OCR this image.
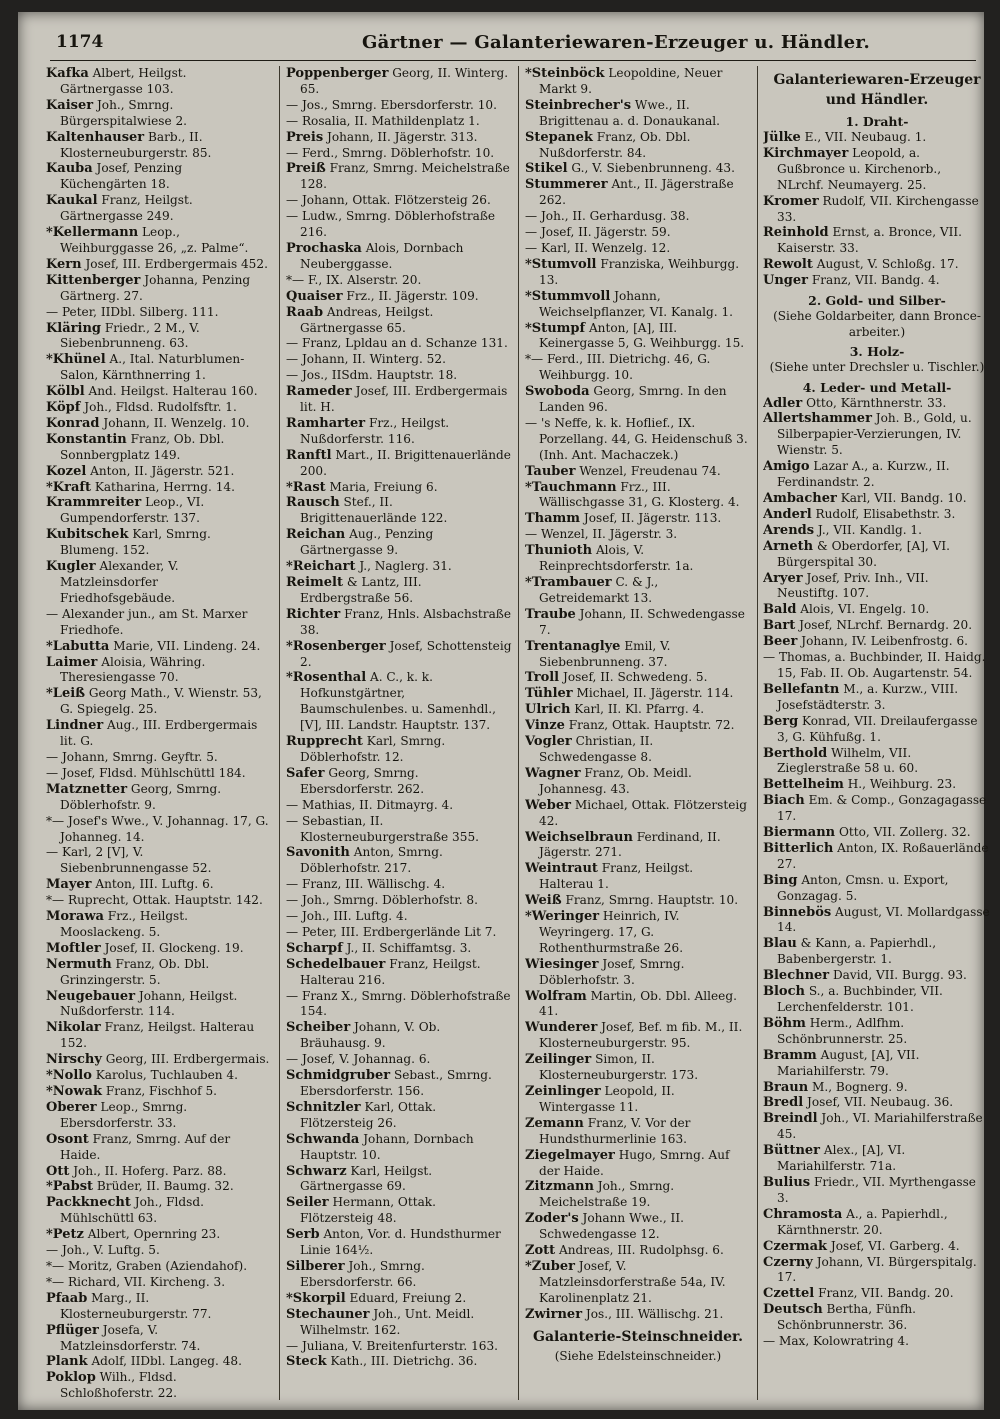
1174	Gärtner — Galanteriewaren-Erzeuger u. Händler.
Kafka Albert, Heilgst. Gärtnergasse 103.
Kaiser Joh., Smrng. Bürgerspitalwiese 2.
Kaltenhauser Barb., II. Klosterneuburgerstr. 85.
Kauba Josef, Penzing Küchengärten 18.
Kaukal Franz, Heilgst. Gärtnergasse 249.
*Kellermann Leop., Weihburggasse 26, „z. Palme“.
Kern Josef, III. Erdbergermais 452.
Kittenberger Johanna, Penzing Gärtnerg. 27.
— Peter, IIDbl. Silberg. 111.
Kläring Friedr., 2 M., V. Siebenbrunneng. 63.
*Khünel A., Ital. Naturblumen-Salon, Kärnthnerring 1.
Kölbl And. Heilgst. Halterau 160.
Köpf Joh., Fldsd. Rudolfsftr. 1.
Konrad Johann, II. Wenzelg. 10.
Konstantin Franz, Ob. Dbl. Sonnbergplatz 149.
Kozel Anton, II. Jägerstr. 521.
*Kraft Katharina, Herrng. 14.
Krammreiter Leop., VI. Gumpendorferstr. 137.
Kubitschek Karl, Smrng. Blumeng. 152.
Kugler Alexander, V. Matzleinsdorfer Friedhofsgebäude.
— Alexander jun., am St. Marxer Friedhofe.
*Labutta Marie, VII. Lindeng. 24.
Laimer Aloisia, Währing. Theresiengasse 70.
*Leiß Georg Math., V. Wienstr. 53, G. Spiegelg. 25.
Lindner Aug., III. Erdbergermais lit. G.
— Johann, Smrng. Geyftr. 5.
— Josef, Fldsd. Mühlschüttl 184.
Matznetter Georg, Smrng. Döblerhofstr. 9.
*— Josef's Wwe., V. Johannag. 17, G. Johanneg. 14.
— Karl, 2 [V], V. Siebenbrunnengasse 52.
Mayer Anton, III. Luftg. 6.
*— Ruprecht, Ottak. Hauptstr. 142.
Morawa Frz., Heilgst. Mooslackeng. 5.
Moftler Josef, II. Glockeng. 19.
Nermuth Franz, Ob. Dbl. Grinzingerstr. 5.
Neugebauer Johann, Heilgst. Nußdorferstr. 114.
Nikolar Franz, Heilgst. Halterau 152.
Nirschy Georg, III. Erdbergermais.
*Nollo Karolus, Tuchlauben 4.
*Nowak Franz, Fischhof 5.
Oberer Leop., Smrng. Ebersdorferstr. 33.
Osont Franz, Smrng. Auf der Haide.
Ott Joh., II. Hoferg. Parz. 88.
*Pabst Brüder, II. Baumg. 32.
Packknecht Joh., Fldsd. Mühlschüttl 63.
*Petz Albert, Opernring 23.
— Joh., V. Luftg. 5.
*— Moritz, Graben (Aziendahof).
*— Richard, VII. Kircheng. 3.
Pfaab Marg., II. Klosterneuburgerstr. 77.
Pflüger Josefa, V. Matzleinsdorferstr. 74.
Plank Adolf, IIDbl. Langeg. 48.
Poklop Wilh., Fldsd. Schloßhoferstr. 22.
Poppenberger Georg, II. Winterg. 65.
— Jos., Smrng. Ebersdorferstr. 10.
— Rosalia, II. Mathildenplatz 1.
Preis Johann, II. Jägerstr. 313.
— Ferd., Smrng. Döblerhofstr. 10.
Preiß Franz, Smrng. Meichelstraße 128.
— Johann, Ottak. Flötzersteig 26.
— Ludw., Smrng. Döblerhofstraße 216.
Prochaska Alois, Dornbach Neuberggasse.
*— F., IX. Alserstr. 20.
Quaiser Frz., II. Jägerstr. 109.
Raab Andreas, Heilgst. Gärtnergasse 65.
— Franz, Lpldau an d. Schanze 131.
— Johann, II. Winterg. 52.
— Jos., IISdm. Hauptstr. 18.
Rameder Josef, III. Erdbergermais lit. H.
Ramharter Frz., Heilgst. Nußdorferstr. 116.
Ranftl Mart., II. Brigittenauerlände 200.
*Rast Maria, Freiung 6.
Rausch Stef., II. Brigittenauerlände 122.
Reichan Aug., Penzing Gärtnergasse 9.
*Reichart J., Naglerg. 31.
Reimelt & Lantz, III. Erdbergstraße 56.
Richter Franz, Hnls. Alsbachstraße 38.
*Rosenberger Josef, Schottensteig 2.
*Rosenthal A. C., k. k. Hofkunstgärtner, Baumschulenbes. u. Samenhdl., [V], III. Landstr. Hauptstr. 137.
Rupprecht Karl, Smrng. Döblerhofstr. 12.
Safer Georg, Smrng. Ebersdorferstr. 262.
— Mathias, II. Ditmayrg. 4.
— Sebastian, II. Klosterneuburgerstraße 355.
Savonith Anton, Smrng. Döblerhofstr. 217.
— Franz, III. Wällischg. 4.
— Joh., Smrng. Döblerhofstr. 8.
— Joh., III. Luftg. 4.
— Peter, III. Erdbergerlände Lit 7.
Scharpf J., II. Schiffamtsg. 3.
Schedelbauer Franz, Heilgst. Halterau 216.
— Franz X., Smrng. Döblerhofstraße 154.
Scheiber Johann, V. Ob. Bräuhausg. 9.
— Josef, V. Johannag. 6.
Schmidgruber Sebast., Smrng. Ebersdorferstr. 156.
Schnitzler Karl, Ottak. Flötzersteig 26.
Schwanda Johann, Dornbach Hauptstr. 10.
Schwarz Karl, Heilgst. Gärtnergasse 69.
Seiler Hermann, Ottak. Flötzersteig 48.
Serb Anton, Vor. d. Hundsthurmer Linie 164½.
Silberer Joh., Smrng. Ebersdorferstr. 66.
*Skorpil Eduard, Freiung 2.
Stechauner Joh., Unt. Meidl. Wilhelmstr. 162.
— Juliana, V. Breitenfurterstr. 163.
Steck Kath., III. Dietrichg. 36.
*Steinböck Leopoldine, Neuer Markt 9.
Steinbrecher's Wwe., II. Brigittenau a. d. Donaukanal.
Stepanek Franz, Ob. Dbl. Nußdorferstr. 84.
Stikel G., V. Siebenbrunneng. 43.
Stummerer Ant., II. Jägerstraße 262.
— Joh., II. Gerhardusg. 38.
— Josef, II. Jägerstr. 59.
— Karl, II. Wenzelg. 12.
*Stumvoll Franziska, Weihburgg. 13.
*Stummvoll Johann, Weichselpflanzer, VI. Kanalg. 1.
*Stumpf Anton, [A], III. Keinergasse 5, G. Weihburgg. 15.
*— Ferd., III. Dietrichg. 46, G. Weihburgg. 10.
Swoboda Georg, Smrng. In den Landen 96.
— 's Neffe, k. k. Hoflief., IX. Porzellang. 44, G. Heidenschuß 3. (Inh. Ant. Machaczek.)
Tauber Wenzel, Freudenau 74.
*Tauchmann Frz., III. Wällischgasse 31, G. Klosterg. 4.
Thamm Josef, II. Jägerstr. 113.
— Wenzel, II. Jägerstr. 3.
Thunioth Alois, V. Reinprechtsdorferstr. 1a.
*Trambauer C. & J., Getreidemarkt 13.
Traube Johann, II. Schwedengasse 7.
Trentanaglye Emil, V. Siebenbrunneng. 37.
Troll Josef, II. Schwedeng. 5.
Tühler Michael, II. Jägerstr. 114.
Ulrich Karl, II. Kl. Pfarrg. 4.
Vinze Franz, Ottak. Hauptstr. 72.
Vogler Christian, II. Schwedengasse 8.
Wagner Franz, Ob. Meidl. Johannesg. 43.
Weber Michael, Ottak. Flötzersteig 42.
Weichselbraun Ferdinand, II. Jägerstr. 271.
Weintraut Franz, Heilgst. Halterau 1.
Weiß Franz, Smrng. Hauptstr. 10.
*Weringer Heinrich, IV. Weyringerg. 17, G. Rothenthurmstraße 26.
Wiesinger Josef, Smrng. Döblerhofstr. 3.
Wolfram Martin, Ob. Dbl. Alleeg. 41.
Wunderer Josef, Bef. m fib. M., II. Klosterneuburgerstr. 95.
Zeilinger Simon, II. Klosterneuburgerstr. 173.
Zeinlinger Leopold, II. Wintergasse 11.
Zemann Franz, V. Vor der Hundsthurmerlinie 163.
Ziegelmayer Hugo, Smrng. Auf der Haide.
Zitzmann Joh., Smrng. Meichelstraße 19.
Zoder's Johann Wwe., II. Schwedengasse 12.
Zott Andreas, III. Rudolphsg. 6.
*Zuber Josef, V. Matzleinsdorferstraße 54a, IV. Karolinenplatz 21.
Zwirner Jos., III. Wällischg. 21.
Galanterie-Steinschneider.
(Siehe Edelsteinschneider.)
Galanteriewaren-Erzeuger und Händler.
1. Draht-
Jülke E., VII. Neubaug. 1.
Kirchmayer Leopold, a. Gußbronce u. Kirchenorb., NLrchf. Neumayerg. 25.
Kromer Rudolf, VII. Kirchengasse 33.
Reinhold Ernst, a. Bronce, VII. Kaiserstr. 33.
Rewolt August, V. Schloßg. 17.
Unger Franz, VII. Bandg. 4.
2. Gold- und Silber-
(Siehe Goldarbeiter, dann Bronce-arbeiter.)
3. Holz-
(Siehe unter Drechsler u. Tischler.)
4. Leder- und Metall-
Adler Otto, Kärnthnerstr. 33.
Allertshammer Joh. B., Gold, u. Silberpapier-Verzierungen, IV. Wienstr. 5.
Amigo Lazar A., a. Kurzw., II. Ferdinandstr. 2.
Ambacher Karl, VII. Bandg. 10.
Anderl Rudolf, Elisabethstr. 3.
Arends J., VII. Kandlg. 1.
Arneth & Oberdorfer, [A], VI. Bürgerspital 30.
Aryer Josef, Priv. Inh., VII. Neustiftg. 107.
Bald Alois, VI. Engelg. 10.
Bart Josef, NLrchf. Bernardg. 20.
Beer Johann, IV. Leibenfrostg. 6.
— Thomas, a. Buchbinder, II. Haidg. 15, Fab. II. Ob. Augartenstr. 54.
Bellefantn M., a. Kurzw., VIII. Josefstädterstr. 3.
Berg Konrad, VII. Dreilaufergasse 3, G. Kühfußg. 1.
Berthold Wilhelm, VII. Zieglerstraße 58 u. 60.
Bettelheim H., Weihburg. 23.
Biach Em. & Comp., Gonzagagasse 17.
Biermann Otto, VII. Zollerg. 32.
Bitterlich Anton, IX. Roßauerlände 27.
Bing Anton, Cmsn. u. Export, Gonzagag. 5.
Binnebös August, VI. Mollardgasse 14.
Blau & Kann, a. Papierhdl., Babenbergerstr. 1.
Blechner David, VII. Burgg. 93.
Bloch S., a. Buchbinder, VII. Lerchenfelderstr. 101.
Böhm Herm., Adlfhm. Schönbrunnerstr. 25.
Bramm August, [A], VII. Mariahilferstr. 79.
Braun M., Bognerg. 9.
Bredl Josef, VII. Neubaug. 36.
Breindl Joh., VI. Mariahilferstraße 45.
Büttner Alex., [A], VI. Mariahilferstr. 71a.
Bulius Friedr., VII. Myrthengasse 3.
Chramosta A., a. Papierhdl., Kärnthnerstr. 20.
Czermak Josef, VI. Garberg. 4.
Czerny Johann, VI. Bürgerspitalg. 17.
Czettel Franz, VII. Bandg. 20.
Deutsch Bertha, Fünfh. Schönbrunnerstr. 36.
— Max, Kolowratring 4.
